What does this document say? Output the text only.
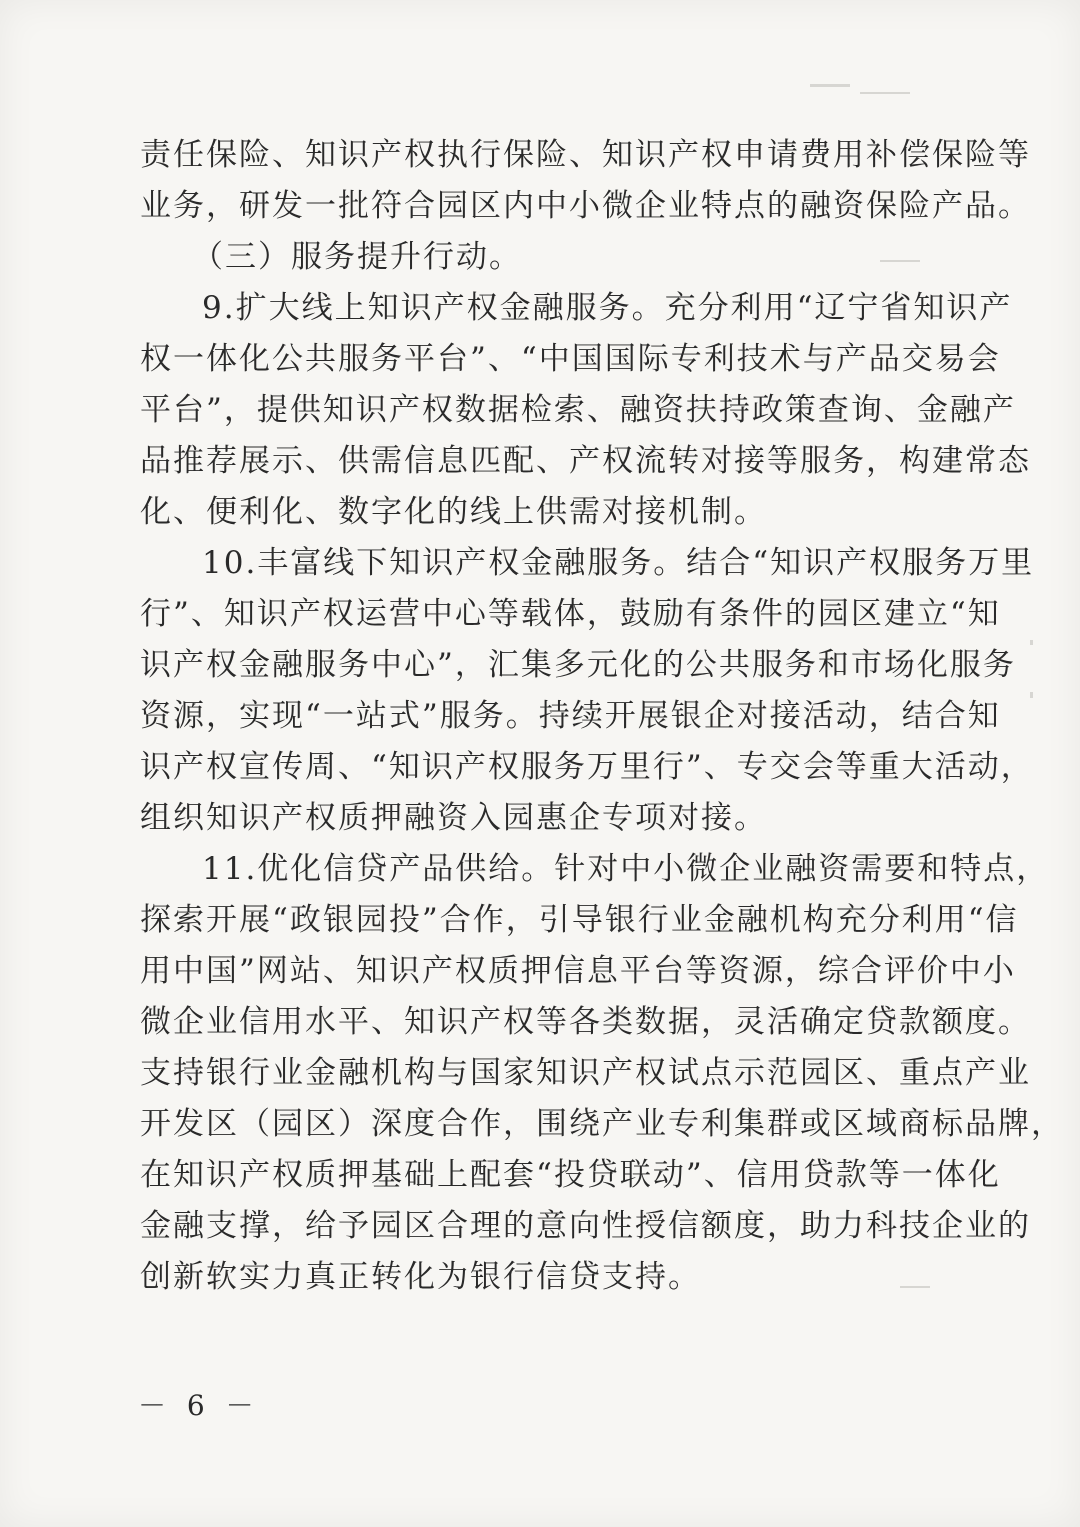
责任保险、知识产权执行保险、知识产权申请费用补偿保险等
业务，研发一批符合园区内中小微企业特点的融资保险产品。
（三）服务提升行动。
9.扩大线上知识产权金融服务。充分利用“辽宁省知识产
权一体化公共服务平台”、“中国国际专利技术与产品交易会
平台”，提供知识产权数据检索、融资扶持政策查询、金融产
品推荐展示、供需信息匹配、产权流转对接等服务，构建常态
化、便利化、数字化的线上供需对接机制。
10.丰富线下知识产权金融服务。结合“知识产权服务万里
行”、知识产权运营中心等载体，鼓励有条件的园区建立“知
识产权金融服务中心”，汇集多元化的公共服务和市场化服务
资源，实现“一站式”服务。持续开展银企对接活动，结合知
识产权宣传周、“知识产权服务万里行”、专交会等重大活动，
组织知识产权质押融资入园惠企专项对接。
11.优化信贷产品供给。针对中小微企业融资需要和特点，
探索开展“政银园投”合作，引导银行业金融机构充分利用“信
用中国”网站、知识产权质押信息平台等资源，综合评价中小
微企业信用水平、知识产权等各类数据，灵活确定贷款额度。
支持银行业金融机构与国家知识产权试点示范园区、重点产业
开发区（园区）深度合作，围绕产业专利集群或区域商标品牌，
在知识产权质押基础上配套“投贷联动”、信用贷款等一体化
金融支撑，给予园区合理的意向性授信额度，助力科技企业的
创新软实力真正转化为银行信贷支持。
－ 6 －
